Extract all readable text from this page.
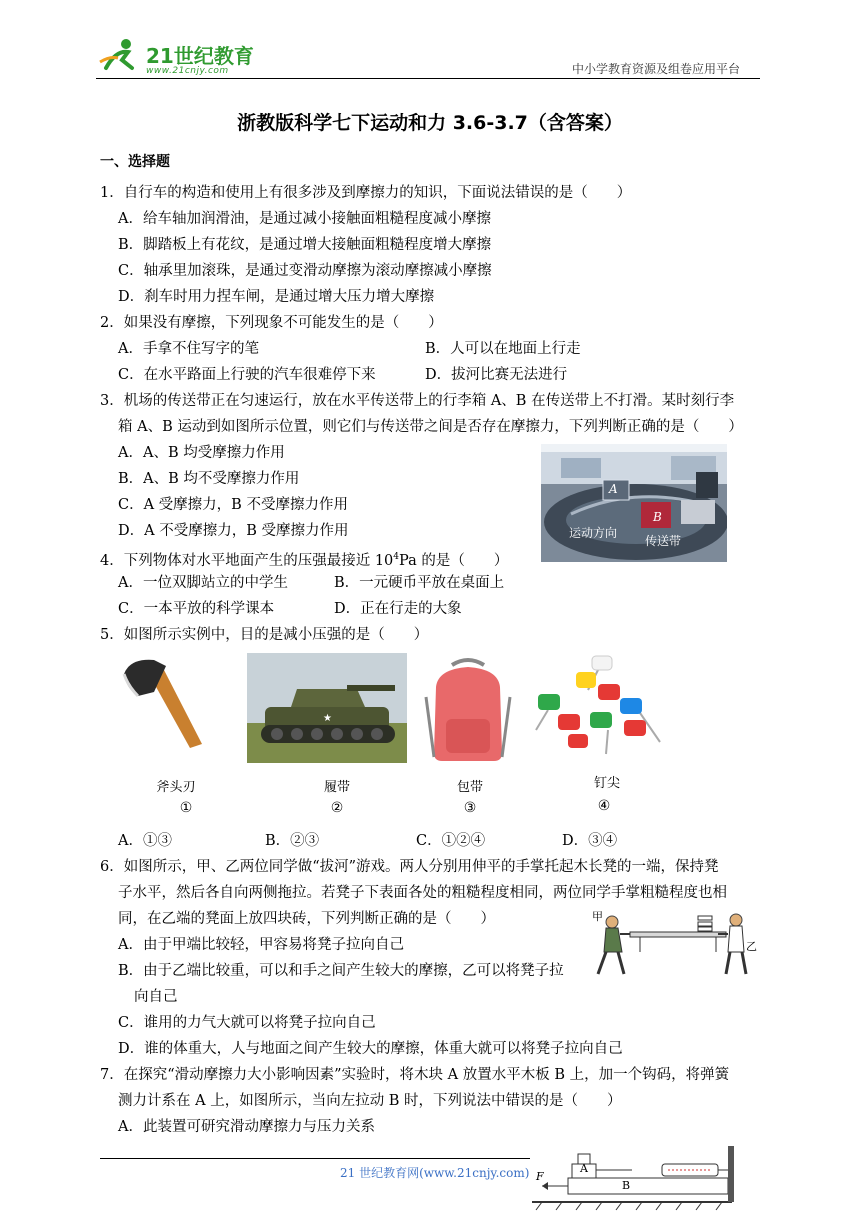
21世纪教育
www.21cnjy.com	中小学教育资源及组卷应用平台
浙教版科学七下运动和力 3.6-3.7（含答案）
一、选择题
1．自行车的构造和使用上有很多涉及到摩擦力的知识，下面说法错误的是（　　）
A．给车轴加润滑油，是通过减小接触面粗糙程度减小摩擦
B．脚踏板上有花纹，是通过增大接触面粗糙程度增大摩擦
C．轴承里加滚珠，是通过变滑动摩擦为滚动摩擦减小摩擦
D．刹车时用力捏车闸，是通过增大压力增大摩擦
2．如果没有摩擦，下列现象不可能发生的是（　　）
A．手拿不住写字的笔	B．人可以在地面上行走
C．在水平路面上行驶的汽车很难停下来	D．拔河比赛无法进行
3．机场的传送带正在匀速运行，放在水平传送带上的行李箱 A、B 在传送带上不打滑。某时刻行李
箱 A、B 运动到如图所示位置，则它们与传送带之间是否存在摩擦力，下列判断正确的是（　　）
A．A、B 均受摩擦力作用
B．A、B 均不受摩擦力作用
C．A 受摩擦力，B 不受摩擦力作用
D．A 不受摩擦力，B 受摩擦力作用
A
B
运动方向
传送带
4．下列物体对水平地面产生的压强最接近 $10^4Pa$ 的是（　　）
A．一位双脚站立的中学生	B．一元硬币平放在桌面上
C．一本平放的科学课本	D．正在行走的大象
5．如图所示实例中，目的是减小压强的是（　　）
★
斧头刃	履带	包带	钉尖
①	②	③	④
A．①③	B．②③	C．①②④	D．③④
6．如图所示，甲、乙两位同学做“拔河”游戏。两人分别用伸平的手掌托起木长凳的一端，保持凳
子水平，然后各自向两侧拖拉。若凳子下表面各处的粗糙程度相同，两位同学手掌粗糙程度也相
同，在乙端的凳面上放四块砖，下列判断正确的是（　　）
A．由于甲端比较轻，甲容易将凳子拉向自己
B．由于乙端比较重，可以和手之间产生较大的摩擦，乙可以将凳子拉
向自己
C．谁用的力气大就可以将凳子拉向自己
D．谁的体重大，人与地面之间产生较大的摩擦，体重大就可以将凳子拉向自己
甲
乙
7．在探究“滑动摩擦力大小影响因素”实验时，将木块 A 放置水平木板 B 上，加一个钩码，将弹簧
测力计系在 A 上，如图所示，当向左拉动 B 时，下列说法中错误的是（　　）
A．此装置可研究滑动摩擦力与压力关系
A
B
F
21 世纪教育网(www.21cnjy.com)
